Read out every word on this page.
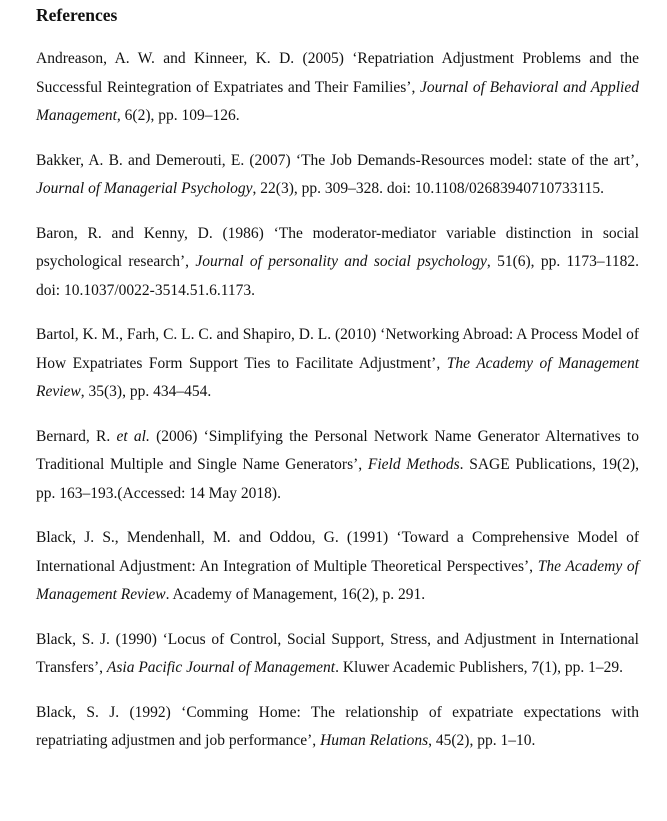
References

Andreason, A. W. and Kinneer, K. D. (2005) ‘Repatriation Adjustment Problems and the Successful Reintegration of Expatriates and Their Families’, Journal of Behavioral and Applied Management, 6(2), pp. 109–126.

Bakker, A. B. and Demerouti, E. (2007) ‘The Job Demands-Resources model: state of the art’, Journal of Managerial Psychology, 22(3), pp. 309–328. doi: 10.1108/02683940710733115.

Baron, R. and Kenny, D. (1986) ‘The moderator-mediator variable distinction in social psychological research’, Journal of personality and social psychology, 51(6), pp. 1173–1182. doi: 10.1037/0022-3514.51.6.1173.

Bartol, K. M., Farh, C. L. C. and Shapiro, D. L. (2010) ‘Networking Abroad: A Process Model of How Expatriates Form Support Ties to Facilitate Adjustment’, The Academy of Management Review, 35(3), pp. 434–454.

Bernard, R. et al. (2006) ‘Simplifying the Personal Network Name Generator Alternatives to Traditional Multiple and Single Name Generators’, Field Methods. SAGE Publications, 19(2), pp. 163–193.(Accessed: 14 May 2018).

Black, J. S., Mendenhall, M. and Oddou, G. (1991) ‘Toward a Comprehensive Model of International Adjustment: An Integration of Multiple Theoretical Perspectives’, The Academy of Management Review. Academy of Management, 16(2), p. 291.

Black, S. J. (1990) ‘Locus of Control, Social Support, Stress, and Adjustment in International Transfers’, Asia Pacific Journal of Management. Kluwer Academic Publishers, 7(1), pp. 1–29.

Black, S. J. (1992) ‘Comming Home: The relationship of expatriate expectations with repatriating adjustmen and job performance’, Human Relations, 45(2), pp. 1–10.
